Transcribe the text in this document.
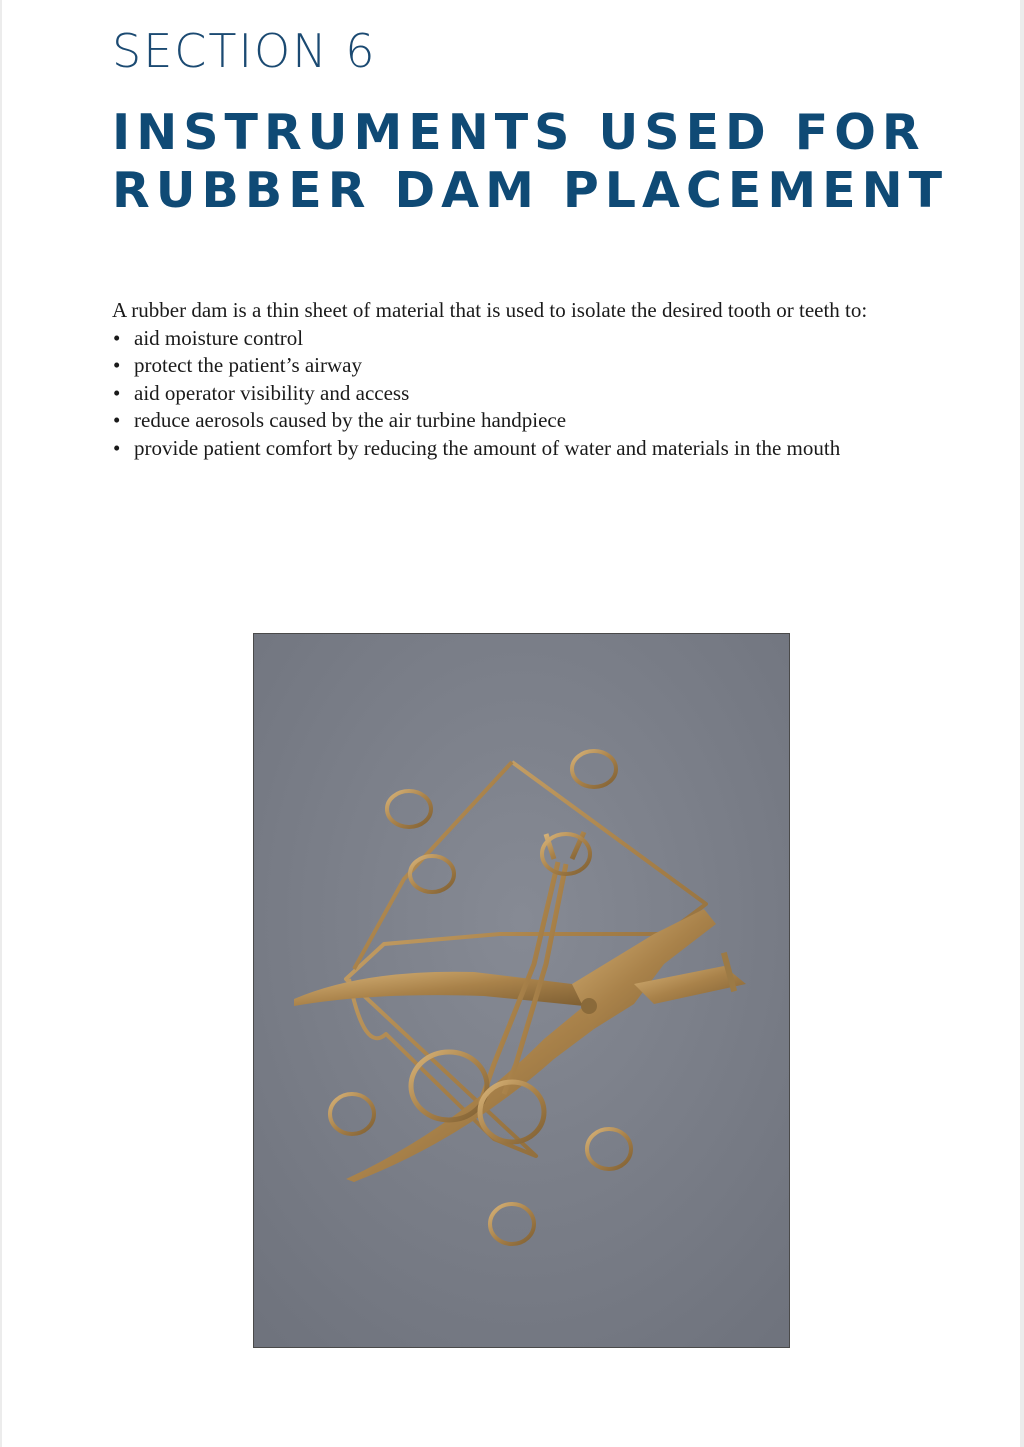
SECTION 6
INSTRUMENTS USED FOR
RUBBER DAM PLACEMENT

A rubber dam is a thin sheet of material that is used to isolate the desired tooth or teeth to:

• aid moisture control
• protect the patient’s airway
• aid operator visibility and access
• reduce aerosols caused by the air turbine handpiece
• provide patient comfort by reducing the amount of water and materials in the mouth
